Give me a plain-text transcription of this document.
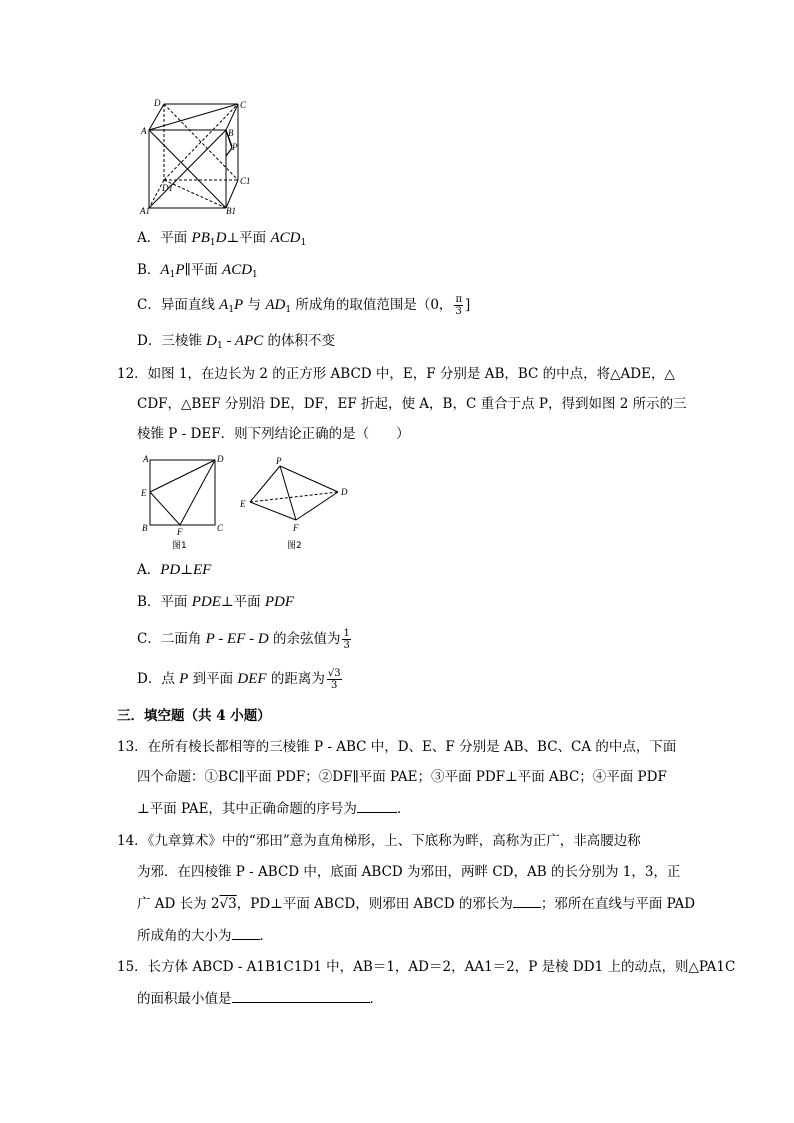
D	C
A	B
P
D1
C1
A1	B1
A．平面 $PB_1D\perp$平面 $ACD_1$
B．$A_1P\parallel$平面 $ACD_1$
C．异面直线 $A_1P$ 与 $AD_1$ 所成角的取值范围是（0， $\frac{\pi}{3}$ ]
D．三棱锥 $D_1$ - APC 的体积不变
12．如图 1，在边长为 2 的正方形 ABCD 中，E，F 分别是 AB，BC 的中点，将△ADE，△
CDF，△BEF 分别沿 DE，DF，EF 折起，使 A，B，C 重合于点 P，得到如图 2 所示的三
棱锥 P - DEF．则下列结论正确的是（　　）
A	D
E
B	F	C
图1
P
D
E
F
图2
A．PD⊥EF
B．平面 PDE⊥平面 PDF
C．二面角 P - EF - D 的余弦值为 $\frac{1}{3}$
D．点 P 到平面 DEF 的距离为 $\frac{√3}{3}$
三．填空题（共 4 小题）
13．在所有棱长都相等的三棱锥 P - ABC 中，D、E、F 分别是 AB、BC、CA 的中点，下面
四个命题：①BC∥平面 PDF；②DF∥平面 PAE；③平面 PDF⊥平面 ABC；④平面 PDF
⊥平面 PAE，其中正确命题的序号为	．
14．《九章算术》中的“邪田”意为直角梯形，上、下底称为畔，高称为正广，非高腰边称
为邪．在四棱锥 P - ABCD 中，底面 ABCD 为邪田，两畔 CD，AB 的长分别为 1，3，正
广 AD 长为 2√3，PD⊥平面 ABCD，则邪田 ABCD 的邪长为 ；邪所在直线与平面 PAD
所成角的大小为 ．
15．长方体 ABCD - A1B1C1D1 中，AB＝1，AD＝2，AA1＝2，P 是棱 DD1 上的动点，则△PA1C
的面积最小值是	．
